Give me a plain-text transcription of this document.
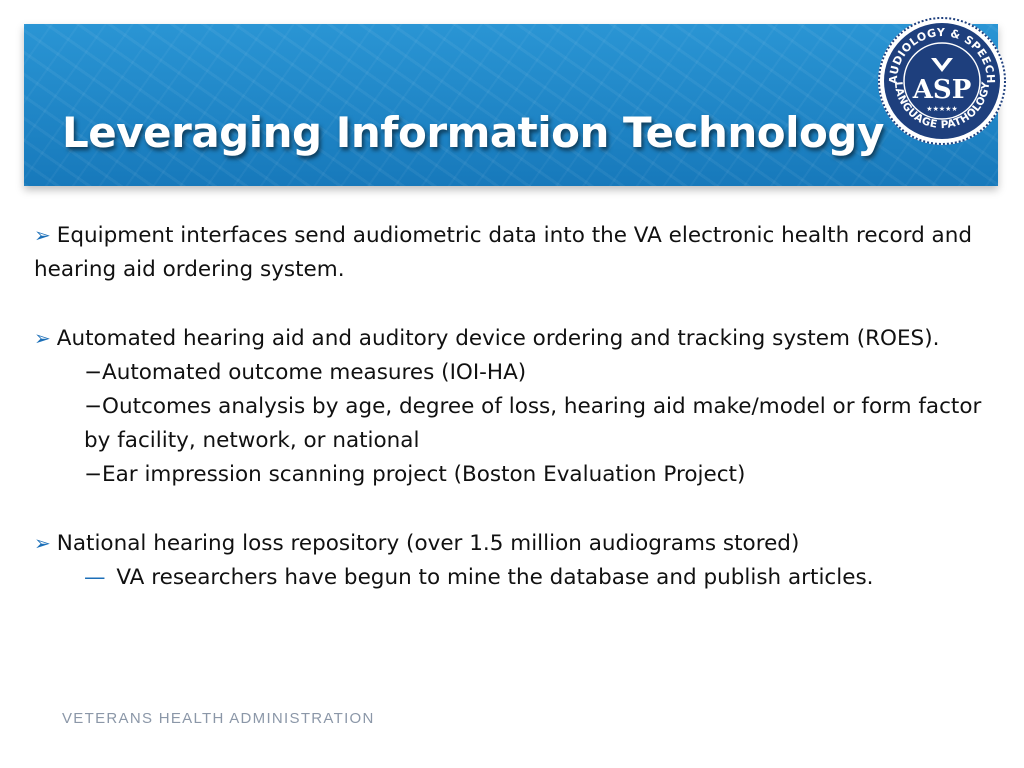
Leveraging Information Technology
AUDIOLOGY & SPEECH
LANGUAGE PATHOLOGY
ASP
★★★★★

➢ Equipment interfaces send audiometric data into the VA electronic health record and hearing aid ordering system.

➢ Automated hearing aid and auditory device ordering and tracking system (ROES).

−Automated outcome measures (IOI-HA)

−Outcomes analysis by age, degree of loss, hearing aid make/model or form factor by facility, network, or national

−Ear impression scanning project (Boston Evaluation Project)

➢ National hearing loss repository (over 1.5 million audiograms stored)

— VA researchers have begun to mine the database and publish articles.

VETERANS HEALTH ADMINISTRATION
